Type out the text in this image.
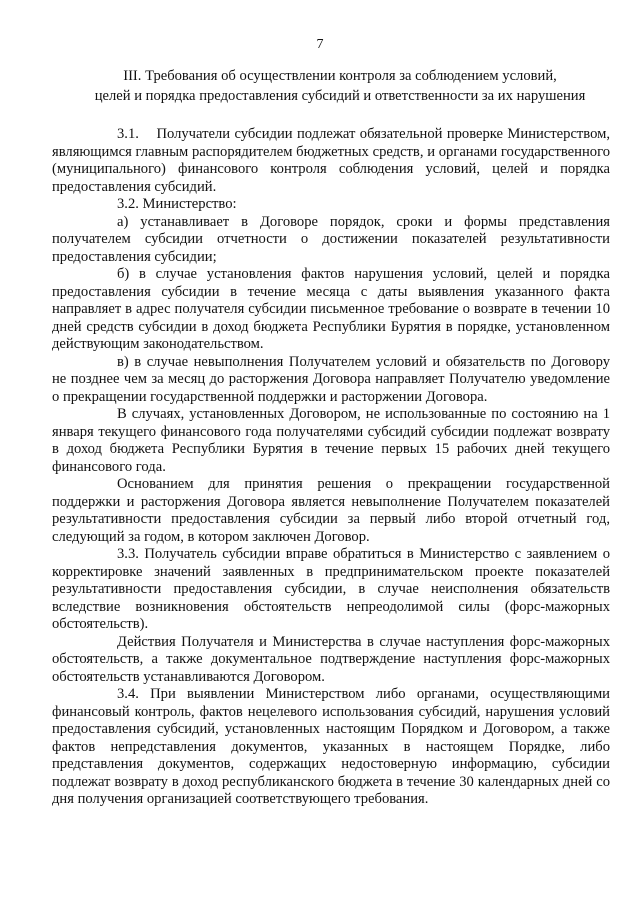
7
III. Требования об осуществлении контроля за соблюдением условий,
целей и порядка предоставления субсидий и ответственности за их нарушения

3.1.    Получатели субсидии подлежат обязательной проверке Министерством, являющимся главным распорядителем бюджетных средств, и органами государственного (муниципального) финансового контроля соблюдения условий, целей и порядка предоставления субсидий.

3.2. Министерство:

а) устанавливает в Договоре порядок, сроки и формы представления получателем субсидии отчетности о достижении показателей результативности предоставления субсидии;

б) в случае установления фактов нарушения условий, целей и порядка предоставления субсидии в течение месяца с даты выявления указанного факта направляет в адрес получателя субсидии письменное требование о возврате в течении 10 дней средств субсидии в доход бюджета Республики Бурятия в порядке, установленном действующим законодательством.

в) в случае невыполнения Получателем условий и обязательств по Договору не позднее чем за месяц до расторжения Договора направляет Получателю уведомление о прекращении государственной поддержки и расторжении Договора.

В случаях, установленных Договором, не использованные по состоянию на 1 января текущего финансового года получателями субсидий субсидии подлежат возврату в доход бюджета Республики Бурятия в течение первых 15 рабочих дней текущего финансового года.

Основанием для принятия решения о прекращении государственной поддержки и расторжения Договора является невыполнение Получателем показателей результативности предоставления субсидии за первый либо второй отчетный год, следующий за годом, в котором заключен Договор.

3.3. Получатель субсидии вправе обратиться в Министерство с заявлением о корректировке значений заявленных в предпринимательском проекте показателей результативности предоставления субсидии, в случае неисполнения обязательств вследствие возникновения обстоятельств непреодолимой силы (форс-мажорных обстоятельств).

Действия Получателя и Министерства в случае наступления форс-мажорных обстоятельств, а также документальное подтверждение наступления форс-мажорных обстоятельств устанавливаются Договором.

3.4. При выявлении Министерством либо органами, осуществляющими финансовый контроль, фактов нецелевого использования субсидий, нарушения условий предоставления субсидий, установленных настоящим Порядком и Договором, а также фактов непредставления документов, указанных в настоящем Порядке, либо представления документов, содержащих недостоверную информацию, субсидии подлежат возврату в доход республиканского бюджета в течение 30 календарных дней со дня получения организацией соответствующего требования.
